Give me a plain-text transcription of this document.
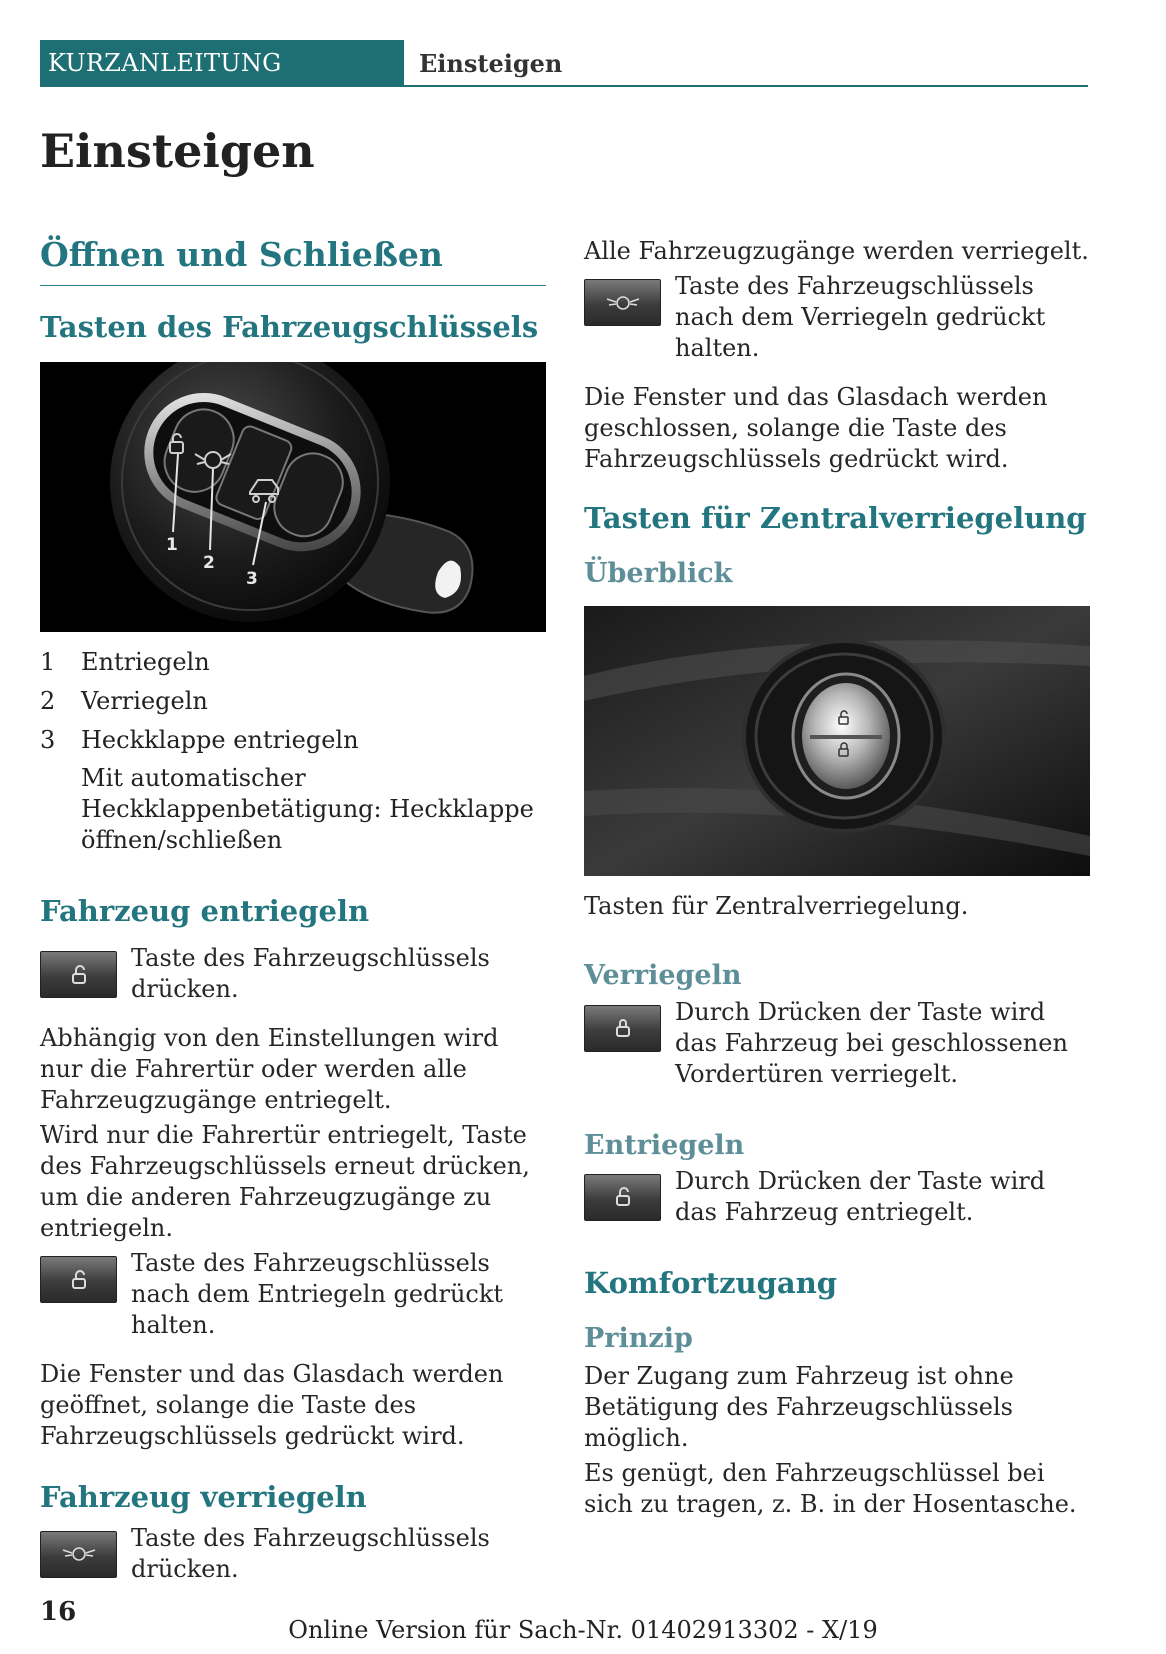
KURZANLEITUNG	Einsteigen
Einsteigen
Öffnen und Schließen
Tasten des Fahrzeugschlüssels
1
2
3
1 Entriegeln
2 Verriegeln
3 Heckklappe entriegeln
Mit automatischer Heckklappenbetätigung: Heckklappe öffnen/schließen
Fahrzeug entriegeln

Taste des Fahrzeugschlüssels drücken.

Abhängig von den Einstellungen wird nur die Fahrertür oder werden alle Fahrzeugzugänge entriegelt.

Wird nur die Fahrertür entriegelt, Taste des Fahrzeugschlüssels erneut drücken, um die anderen Fahrzeugzugänge zu entriegeln.

Taste des Fahrzeugschlüssels nach dem Entriegeln gedrückt halten.

Die Fenster und das Glasdach werden geöffnet, solange die Taste des Fahrzeugschlüssels gedrückt wird.

Fahrzeug verriegeln

Taste des Fahrzeugschlüssels drücken.

Alle Fahrzeugzugänge werden verriegelt.

Taste des Fahrzeugschlüssels nach dem Verriegeln gedrückt halten.

Die Fenster und das Glasdach werden geschlossen, solange die Taste des Fahrzeugschlüssels gedrückt wird.

Tasten für Zentralverriegelung
Überblick

Tasten für Zentralverriegelung.

Verriegeln

Durch Drücken der Taste wird das Fahrzeug bei geschlossenen Vordertüren verriegelt.

Entriegeln

Durch Drücken der Taste wird das Fahrzeug entriegelt.

Komfortzugang
Prinzip

Der Zugang zum Fahrzeug ist ohne Betätigung des Fahrzeugschlüssels möglich.

Es genügt, den Fahrzeugschlüssel bei sich zu tragen, z. B. in der Hosentasche.

16
Online Version für Sach-Nr. 01402913302 - X/19
